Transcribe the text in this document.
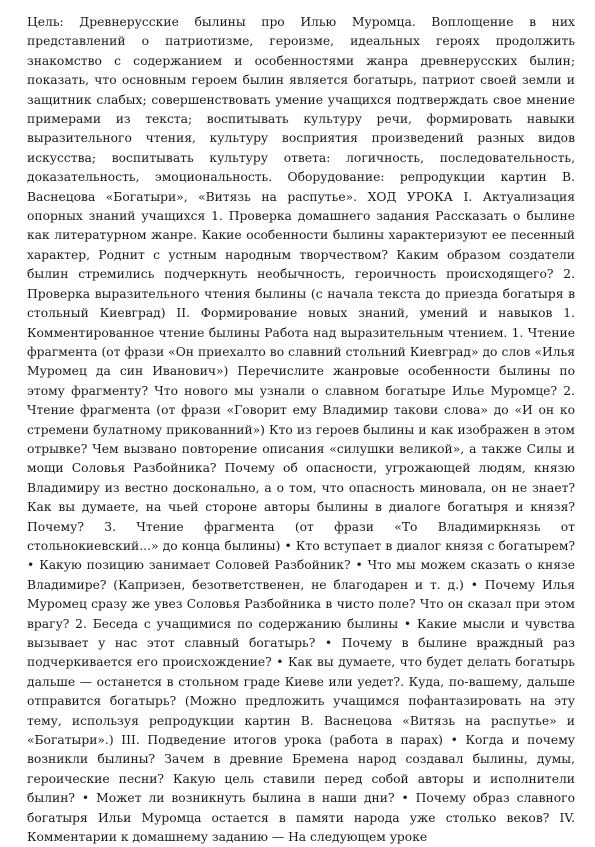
Цель: Древнерусские былины про Илью Муромца. Воплощение в них представлений о патриотизме, героизме, идеальных героях продолжить знакомство с содержанием и особенностями жанра древнерусских былин; показать, что основным героем былин является богатырь, патриот своей земли и защитник слабых; совершенствовать умение учащихся подтверждать свое мнение примерами из текста; воспитывать культуру речи, формировать навыки выразительного чтения, культуру восприятия произведений разных видов искусства; воспитывать культуру ответа: логичность, последовательность, доказательность, эмоциональность. Оборудование: репродукции картин В. Васнецова «Богатыри», «Витязь на распутье». ХОД УРОКА I. Актуализация опорных знаний учащихся 1. Проверка домашнего задания Рассказать о былине как литературном жанре. Какие особенности былины характеризуют ее песенный характер, Роднит с устным народным творчеством? Каким образом создатели былин стремились подчеркнуть необычность, героичность происходящего? 2. Проверка выразительного чтения былины (с начала текста до приезда богатыря в стольный Киевград) II. Формирование новых знаний, умений и навыков 1. Комментированное чтение былины Работа над выразительным чтением. 1. Чтение фрагмента (от фрази «Он приехалто во славний стольний Киевград» до слов «Илья Муромец да син Иванович») Перечислите жанровые особенности былины по этому фрагменту? Что нового мы узнали о славном богатыре Илье Муромце? 2. Чтение фрагмента (от фрази «Говорит ему Владимир такови слова» до «И он ко стремени булатному прикованний») Кто из героев былины и как изображен в этом отрывке? Чем вызвано повторение описания «силушки великой», а также Силы и мощи Соловья Разбойника? Почему об опасности, угрожающей людям, князю Владимиру из вестно досконально, а о том, что опасность миновала, он не знает? Как вы думаете, на чьей стороне авторы былины в диалоге богатыря и князя? Почему? 3. Чтение фрагмента (от фрази «То Владимиркнязь от стольнокиевский...» до конца былины) • Кто вступает в диалог князя с богатырем? • Какую позицию занимает Соловей Разбойник? • Что мы можем сказать о князе Владимире? (Капризен, безответственен, не благодарен и т. д.) • Почему Илья Муромец сразу же увез Соловья Разбойника в чисто поле? Что он сказал при этом врагу? 2. Беседа с учащимися по содержанию былины • Какие мысли и чувства вызывает у нас этот славный богатырь? • Почему в былине враждный раз подчеркивается его происхождение? • Как вы думаете, что будет делать богатырь дальше — останется в стольном граде Киеве или уедет?. Куда, по-вашему, дальше отправится богатырь? (Можно предложить учащимся пофантазировать на эту тему, используя репродукции картин В. Васнецова «Витязь на распутье» и «Богатыри».) III. Подведение итогов урока (работа в парах) • Когда и почему возникли былины? Зачем в древние Бремена народ создавал былины, думы, героические песни? Какую цель ставили перед собой авторы и исполнители былин? • Может ли возникнуть былина в наши дни? • Почему образ славного богатыря Ильи Муромца остается в памяти народа уже столько веков? IV. Комментарии к домашнему заданию — На следующем уроке
